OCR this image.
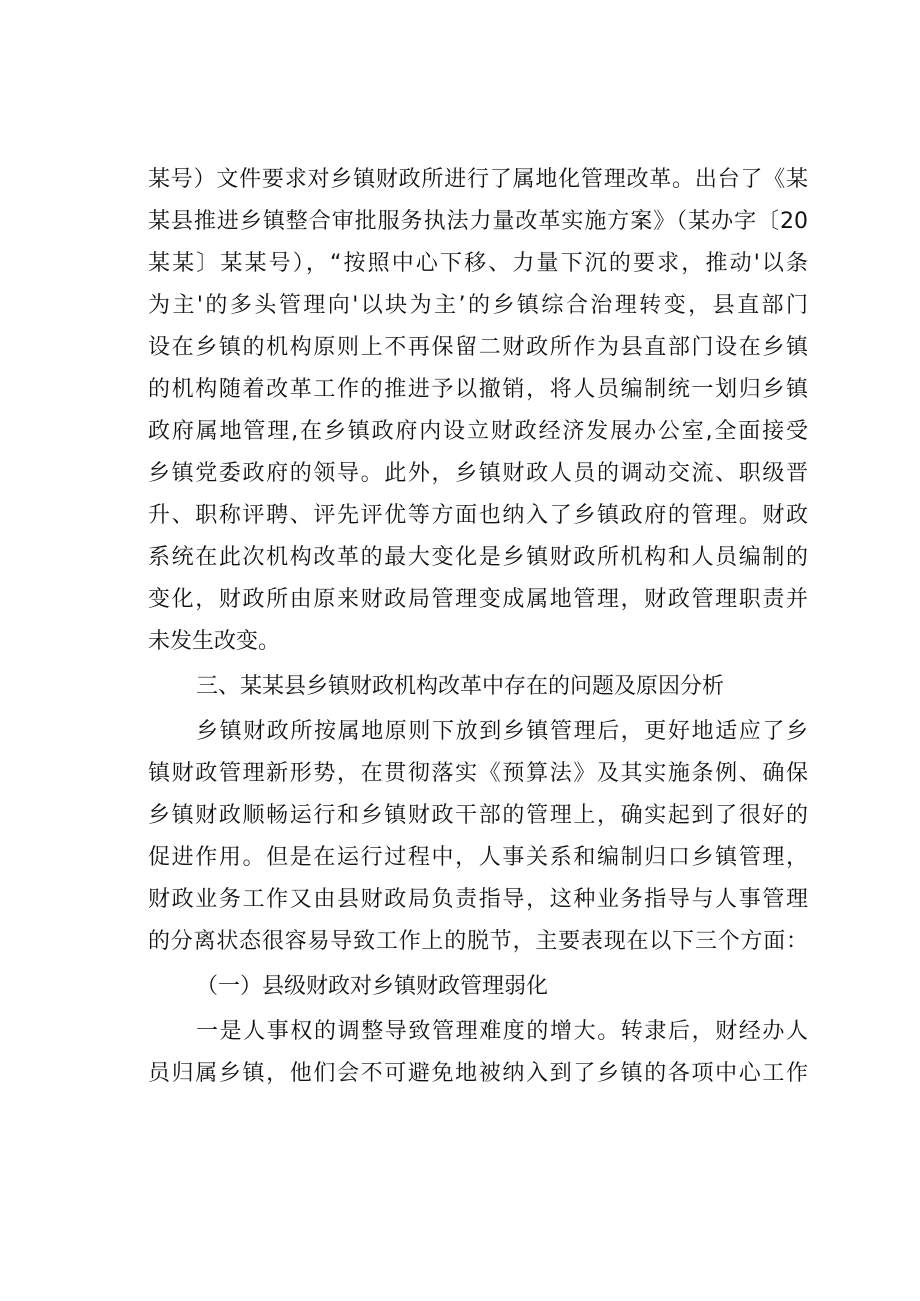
某号）文件要求对乡镇财政所进行了属地化管理改革。出台了《某
某县推进乡镇整合审批服务执法力量改革实施方案》（某办字〔20
某某〕某某号），“按照中心下移、力量下沉的要求，推动'以条
为主'的多头管理向'以块为主’的乡镇综合治理转变，县直部门
设在乡镇的机构原则上不再保留二财政所作为县直部门设在乡镇
的机构随着改革工作的推进予以撤销，将人员编制统一划归乡镇
政府属地管理,在乡镇政府内设立财政经济发展办公室,全面接受
乡镇党委政府的领导。此外，乡镇财政人员的调动交流、职级晋
升、职称评聘、评先评优等方面也纳入了乡镇政府的管理。财政
系统在此次机构改革的最大变化是乡镇财政所机构和人员编制的
变化，财政所由原来财政局管理变成属地管理，财政管理职责并
未发生改变。
三、某某县乡镇财政机构改革中存在的问题及原因分析
乡镇财政所按属地原则下放到乡镇管理后，更好地适应了乡
镇财政管理新形势，在贯彻落实《预算法》及其实施条例、确保
乡镇财政顺畅运行和乡镇财政干部的管理上，确实起到了很好的
促进作用。但是在运行过程中，人事关系和编制归口乡镇管理，
财政业务工作又由县财政局负责指导，这种业务指导与人事管理
的分离状态很容易导致工作上的脱节，主要表现在以下三个方面：
（一）县级财政对乡镇财政管理弱化
一是人事权的调整导致管理难度的增大。转隶后，财经办人
员归属乡镇，他们会不可避免地被纳入到了乡镇的各项中心工作
